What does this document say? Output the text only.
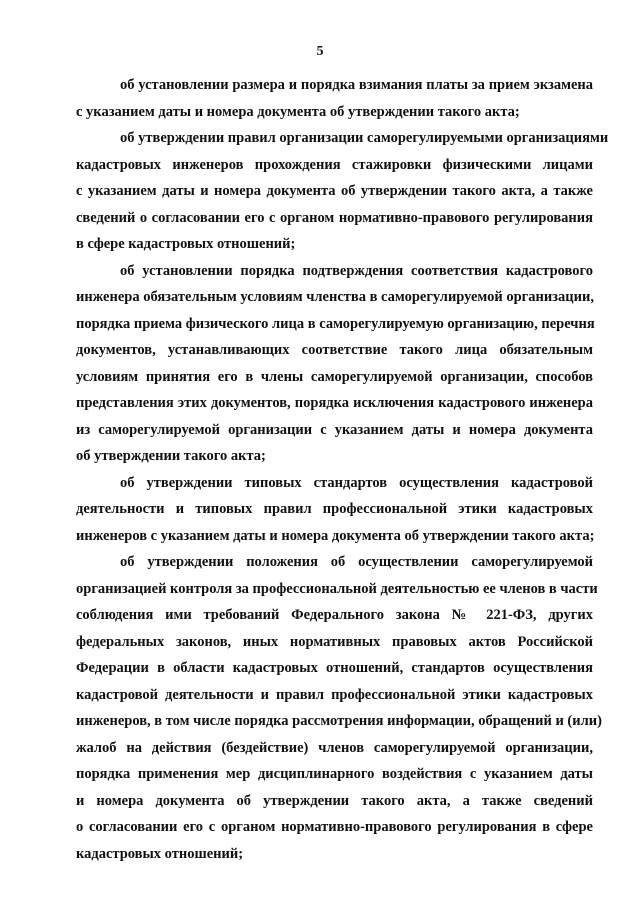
5
об установлении размера и порядка взимания платы за прием экзамена
с указанием даты и номера документа об утверждении такого акта;
об утверждении правил организации саморегулируемыми организациями
кадастровых инженеров прохождения стажировки физическими лицами
с указанием даты и номера документа об утверждении такого акта, а также
сведений о согласовании его с органом нормативно-правового регулирования
в сфере кадастровых отношений;
об установлении порядка подтверждения соответствия кадастрового
инженера обязательным условиям членства в саморегулируемой организации,
порядка приема физического лица в саморегулируемую организацию, перечня
документов, устанавливающих соответствие такого лица обязательным
условиям принятия его в члены саморегулируемой организации, способов
представления этих документов, порядка исключения кадастрового инженера
из саморегулируемой организации с указанием даты и номера документа
об утверждении такого акта;
об утверждении типовых стандартов осуществления кадастровой
деятельности и типовых правил профессиональной этики кадастровых
инженеров с указанием даты и номера документа об утверждении такого акта;
об утверждении положения об осуществлении саморегулируемой
организацией контроля за профессиональной деятельностью ее членов в части
соблюдения ими требований Федерального закона № 221-ФЗ, других
федеральных законов, иных нормативных правовых актов Российской
Федерации в области кадастровых отношений, стандартов осуществления
кадастровой деятельности и правил профессиональной этики кадастровых
инженеров, в том числе порядка рассмотрения информации, обращений и (или)
жалоб на действия (бездействие) членов саморегулируемой организации,
порядка применения мер дисциплинарного воздействия с указанием даты
и номера документа об утверждении такого акта, а также сведений
о согласовании его с органом нормативно-правового регулирования в сфере
кадастровых отношений;
